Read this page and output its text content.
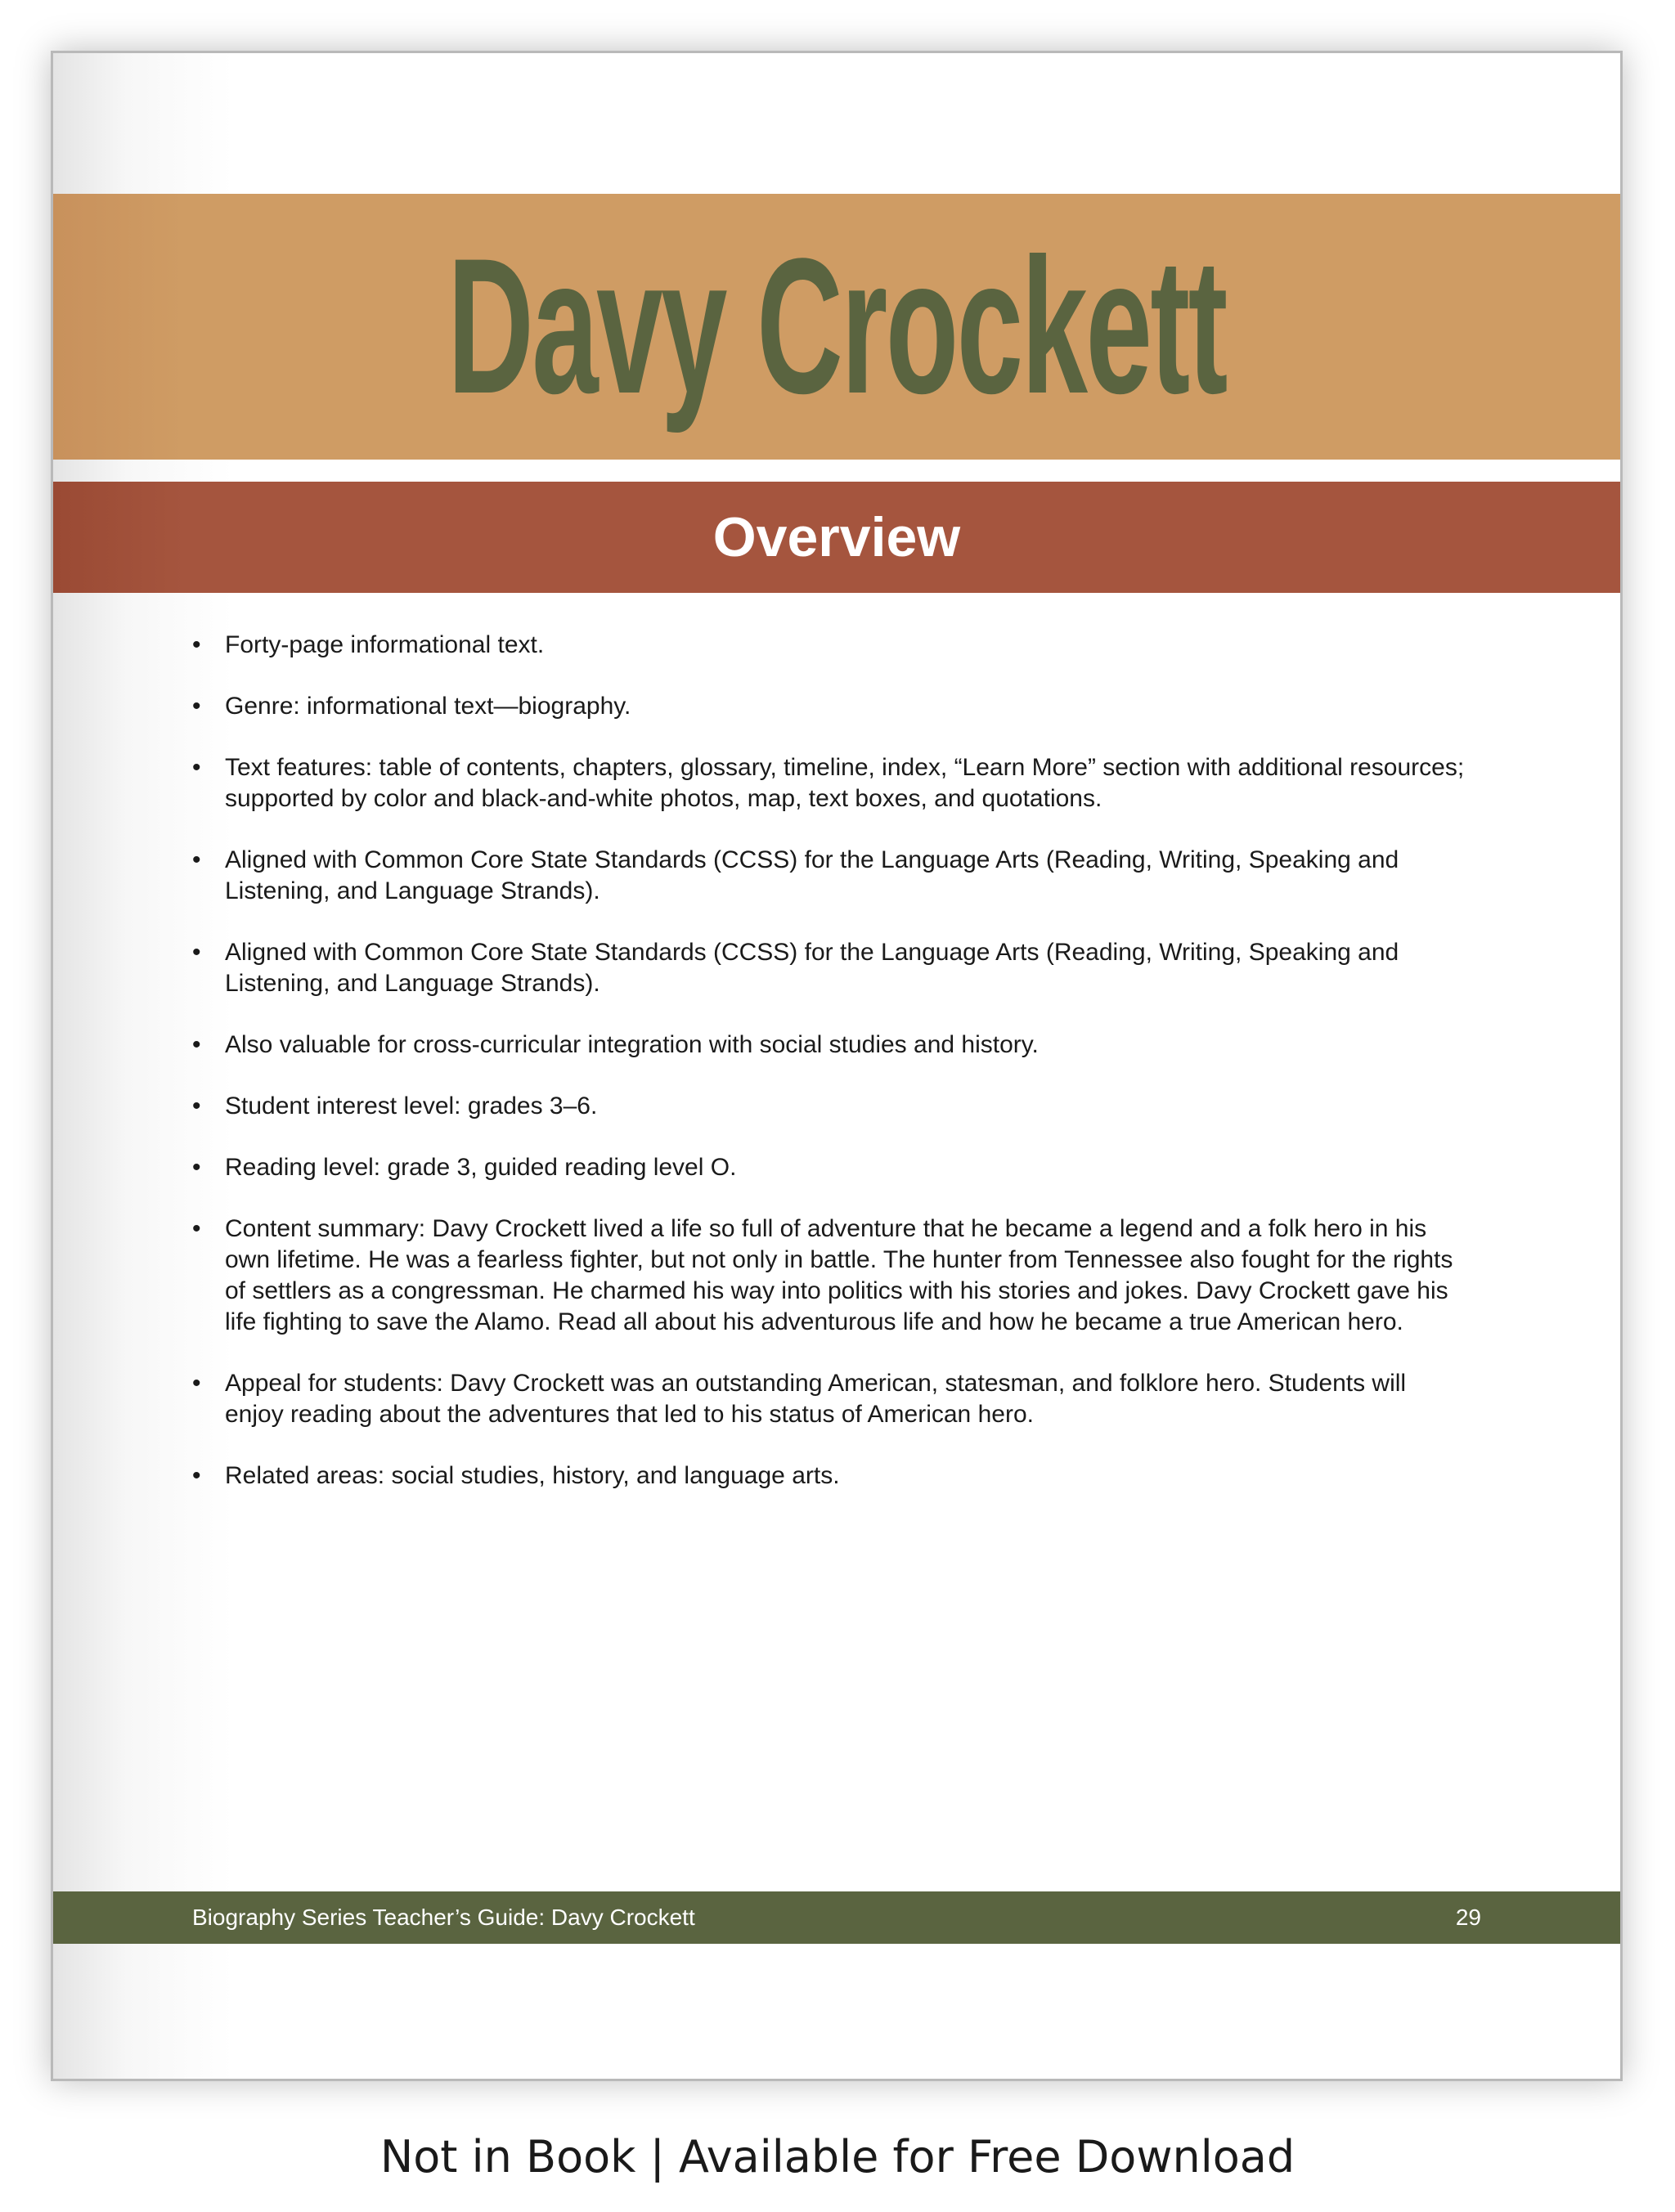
Davy Crockett
Overview
• Forty-page informational text.
• Genre: informational text—biography.
• Text features: table of contents, chapters, glossary, timeline, index, “Learn More” section with additional resources; supported by color and black-and-white photos, map, text boxes, and quotations.
• Aligned with Common Core State Standards (CCSS) for the Language Arts (Reading, Writing, Speaking and Listening, and Language Strands).
• Aligned with Common Core State Standards (CCSS) for the Language Arts (Reading, Writing, Speaking and Listening, and Language Strands).
• Also valuable for cross-curricular integration with social studies and history.
• Student interest level: grades 3–6.
• Reading level: grade 3, guided reading level O.
• Content summary: Davy Crockett lived a life so full of adventure that he became a legend and a folk hero in his own lifetime. He was a fearless fighter, but not only in battle. The hunter from Tennessee also fought for the rights of settlers as a congressman. He charmed his way into politics with his stories and jokes. Davy Crockett gave his life fighting to save the Alamo. Read all about his adventurous life and how he became a true American hero.
• Appeal for students: Davy Crockett was an outstanding American, statesman, and folklore hero. Students will enjoy reading about the adventures that led to his status of American hero.
• Related areas: social studies, history, and language arts.
Biography Series Teacher’s Guide: Davy Crockett	29
Not in Book | Available for Free Download
